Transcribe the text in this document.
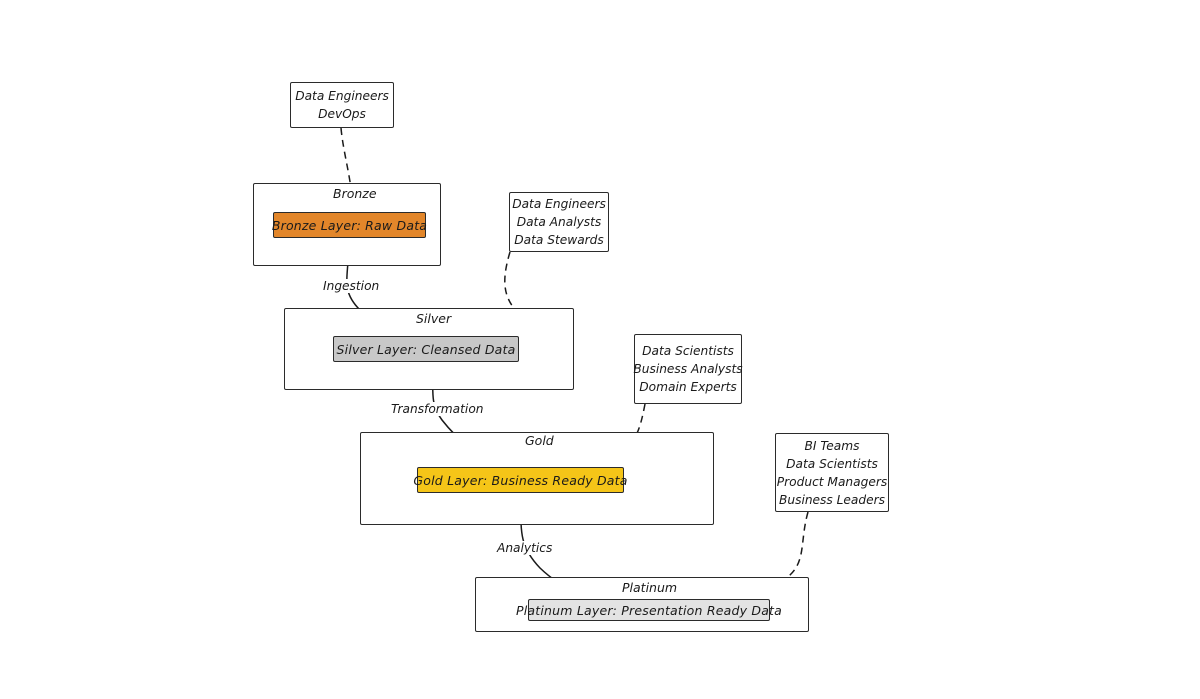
Bronze
Bronze Layer: Raw Data
Silver
Silver Layer: Cleansed Data
Gold
Gold Layer: Business Ready Data
Platinum
Platinum Layer: Presentation Ready Data
Data Engineers
DevOps
Data Engineers
Data Analysts
Data Stewards
Data Scientists
Business Analysts
Domain Experts
BI Teams
Data Scientists
Product Managers
Business Leaders
Ingestion
Transformation
Analytics
